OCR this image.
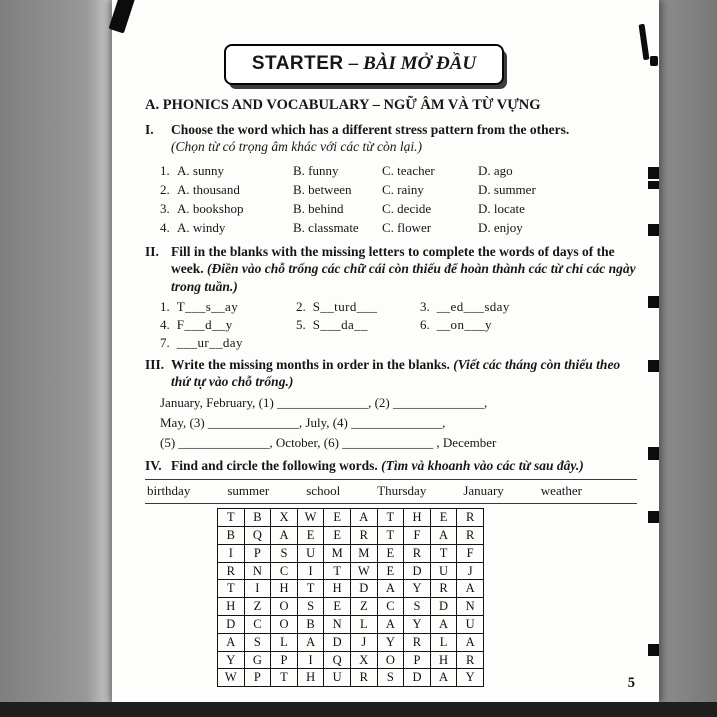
STARTER – BÀI MỞ ĐẦU
A. PHONICS AND VOCABULARY – NGỮ ÂM VÀ TỪ VỰNG
I.	Choose the word which has a different stress pattern from the others.
(Chọn từ có trọng âm khác với các từ còn lại.)
1. A. sunny	B. funny	C. teacher	D. ago
2. A. thousand	B. between	C. rainy	D. summer
3. A. bookshop	B. behind	C. decide	D. locate
4. A. windy	B. classmate	C. flower	D. enjoy
II. Fill in the blanks with the missing letters to complete the words of days of the week. (Điền vào chỗ trống các chữ cái còn thiếu để hoàn thành các từ chỉ các ngày trong tuần.)
1. T___s__ay	2. S__turd___	3. __ed___sday
4. F___d__y	5. S___da__	6. __on___y
7. ___ur__day
III. Write the missing months in order in the blanks. (Viết các tháng còn thiếu theo thứ tự vào chỗ trống.)
January, February, (1) ______________, (2) ______________,
May, (3) ______________, July, (4) ______________,
(5) ______________, October, (6) ______________ , December
IV. Find and circle the following words. (Tìm và khoanh vào các từ sau đây.)
birthday	summer	school	Thursday	January	weather
T	B	X	W	E	A	T	H	E	R
B	Q	A	E	E	R	T	F	A	R
I	P	S	U	M	M	E	R	T	F
R	N	C	I	T	W	E	D	U	J
T	I	H	T	H	D	A	Y	R	A
H	Z	O	S	E	Z	C	S	D	N
D	C	O	B	N	L	A	Y	A	U
A	S	L	A	D	J	Y	R	L	A
Y	G	P	I	Q	X	O	P	H	R
W	P	T	H	U	R	S	D	A	Y	5
